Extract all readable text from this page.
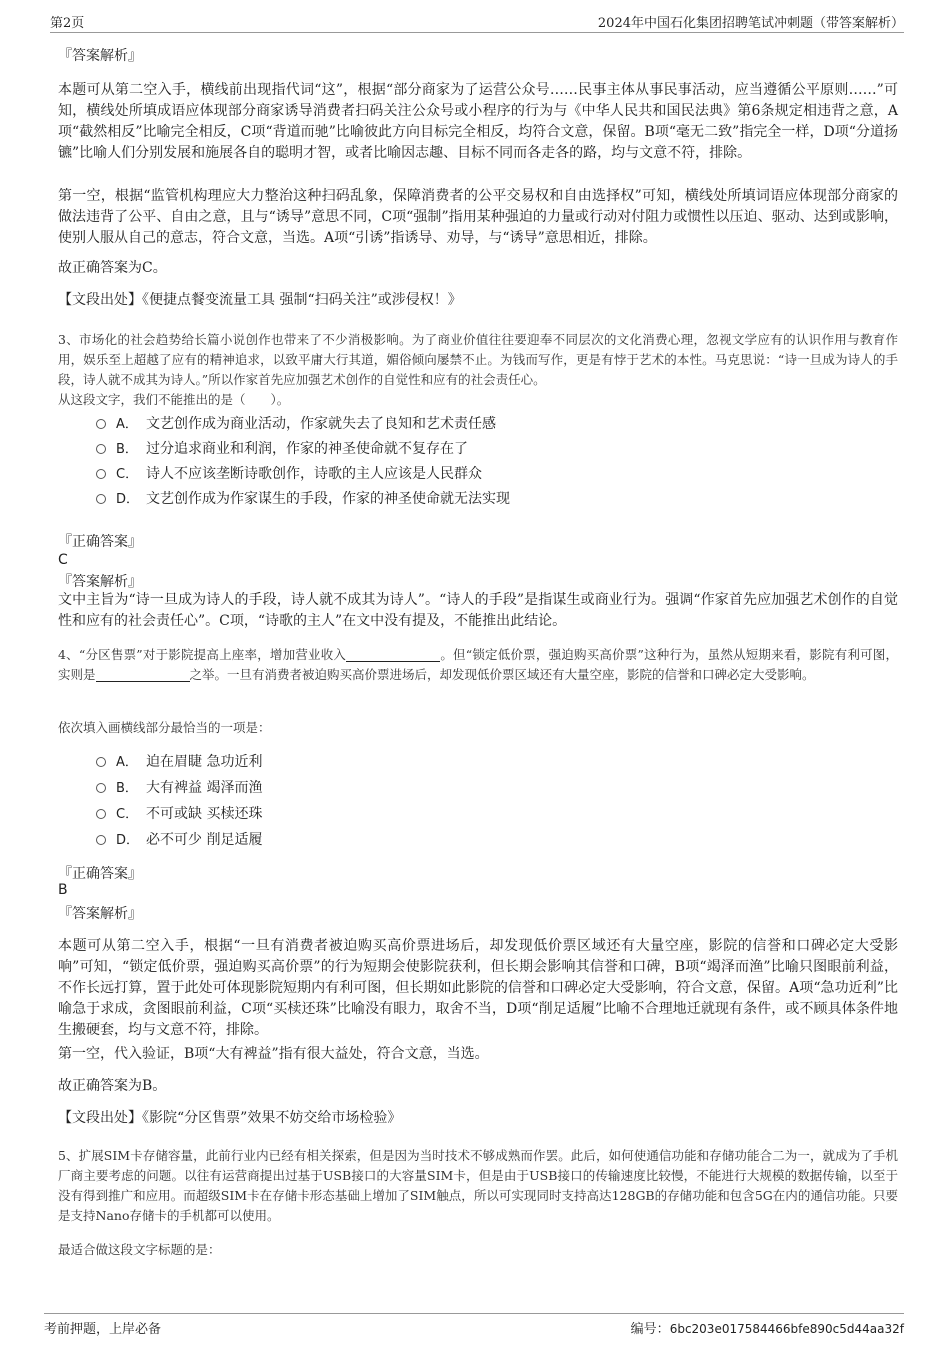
第2页	2024年中国石化集团招聘笔试冲刺题（带答案解析）
『答案解析』

本题可从第二空入手，横线前出现指代词“这”，根据“部分商家为了运营公众号……民事主体从事民事活动，应当遵循公平原则……”可知，横线处所填成语应体现部分商家诱导消费者扫码关注公众号或小程序的行为与《中华人民共和国民法典》第6条规定相违背之意，A项“截然相反”比喻完全相反，C项“背道而驰”比喻彼此方向目标完全相反，均符合文意，保留。B项“毫无二致”指完全一样，D项“分道扬镳”比喻人们分别发展和施展各自的聪明才智，或者比喻因志趣、目标不同而各走各的路，均与文意不符，排除。

第一空，根据“监管机构理应大力整治这种扫码乱象，保障消费者的公平交易权和自由选择权”可知，横线处所填词语应体现部分商家的做法违背了公平、自由之意，且与“诱导”意思不同，C项“强制”指用某种强迫的力量或行动对付阻力或惯性以压迫、驱动、达到或影响，使别人服从自己的意志，符合文意，当选。A项“引诱”指诱导、劝导，与“诱导”意思相近，排除。

故正确答案为C。

【文段出处】《便捷点餐变流量工具 强制“扫码关注”或涉侵权！》

3、市场化的社会趋势给长篇小说创作也带来了不少消极影响。为了商业价值往往要迎奉不同层次的文化消费心理，忽视文学应有的认识作用与教育作用，娱乐至上超越了应有的精神追求，以致平庸大行其道，媚俗倾向屡禁不止。为钱而写作，更是有悖于艺术的本性。马克思说：“诗一旦成为诗人的手段，诗人就不成其为诗人。”所以作家首先应加强艺术创作的自觉性和应有的社会责任心。

从这段文字，我们不能推出的是（　　）。

A． 文艺创作成为商业活动，作家就失去了良知和艺术责任感
B． 过分追求商业和利润，作家的神圣使命就不复存在了
C． 诗人不应该垄断诗歌创作，诗歌的主人应该是人民群众
D． 文艺创作成为作家谋生的手段，作家的神圣使命就无法实现
『正确答案』
C
『答案解析』

文中主旨为“诗一旦成为诗人的手段，诗人就不成其为诗人”。“诗人的手段”是指谋生或商业行为。强调“作家首先应加强艺术创作的自觉性和应有的社会责任心”。C项，“诗歌的主人”在文中没有提及，不能推出此结论。

4、“分区售票”对于影院提高上座率，增加营业收入	。但“锁定低价票，强迫购买高价票”这种行为，虽然从短期来看，影院有利可图，实则是	之举。一旦有消费者被迫购买高价票进场后，却发现低价票区域还有大量空座，影院的信誉和口碑必定大受影响。

依次填入画横线部分最恰当的一项是：

A． 迫在眉睫 急功近利
B． 大有裨益 竭泽而渔
C． 不可或缺 买椟还珠
D． 必不可少 削足适履
『正确答案』
B
『答案解析』

本题可从第二空入手，根据“一旦有消费者被迫购买高价票进场后，却发现低价票区域还有大量空座，影院的信誉和口碑必定大受影响”可知，“锁定低价票，强迫购买高价票”的行为短期会使影院获利，但长期会影响其信誉和口碑，B项“竭泽而渔”比喻只图眼前利益，不作长远打算，置于此处可体现影院短期内有利可图，但长期如此影院的信誉和口碑必定大受影响，符合文意，保留。A项“急功近利”比喻急于求成，贪图眼前利益，C项“买椟还珠”比喻没有眼力，取舍不当，D项“削足适履”比喻不合理地迁就现有条件，或不顾具体条件地生搬硬套，均与文意不符，排除。

第一空，代入验证，B项“大有裨益”指有很大益处，符合文意，当选。

故正确答案为B。

【文段出处】《影院“分区售票”效果不妨交给市场检验》

5、扩展SIM卡存储容量，此前行业内已经有相关探索，但是因为当时技术不够成熟而作罢。此后，如何使通信功能和存储功能合二为一，就成为了手机厂商主要考虑的问题。以往有运营商提出过基于USB接口的大容量SIM卡，但是由于USB接口的传输速度比较慢，不能进行大规模的数据传输，以至于没有得到推广和应用。而超级SIM卡在存储卡形态基础上增加了SIM触点，所以可实现同时支持高达128GB的存储功能和包含5G在内的通信功能。只要是支持Nano存储卡的手机都可以使用。

最适合做这段文字标题的是：

考前押题，上岸必备	编号：6bc203e017584466bfe890c5d44aa32f
